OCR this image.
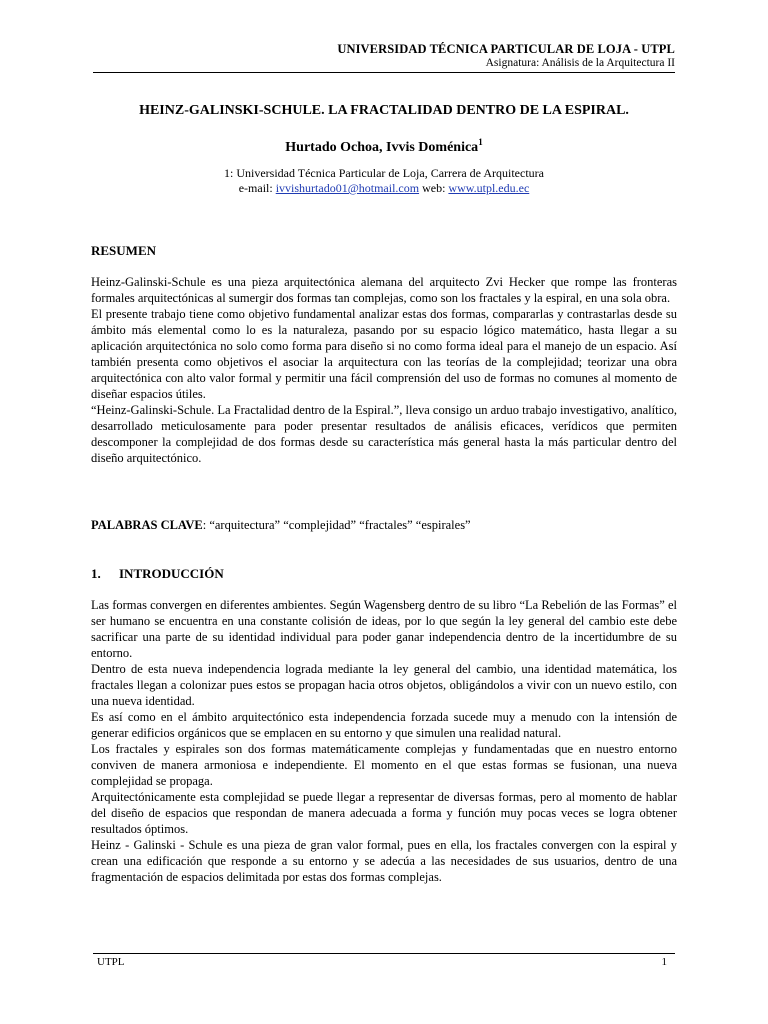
UNIVERSIDAD TÉCNICA PARTICULAR DE LOJA - UTPL
Asignatura: Análisis de la Arquitectura II
HEINZ-GALINSKI-SCHULE. LA FRACTALIDAD DENTRO DE LA ESPIRAL.
Hurtado Ochoa, Ivvis Doménica$^1$
1: Universidad Técnica Particular de Loja, Carrera de Arquitectura
e-mail: ivvishurtado01@hotmail.com web: www.utpl.edu.ec
RESUMEN

Heinz-Galinski-Schule es una pieza arquitectónica alemana del arquitecto Zvi Hecker que rompe las fronteras formales arquitectónicas al sumergir dos formas tan complejas, como son los fractales y la espiral, en una sola obra.

El presente trabajo tiene como objetivo fundamental analizar estas dos formas, compararlas y contrastarlas desde su ámbito más elemental como lo es la naturaleza, pasando por su espacio lógico matemático, hasta llegar a su aplicación arquitectónica no solo como forma para diseño si no como forma ideal para el manejo de un espacio. Así también presenta como objetivos el asociar la arquitectura con las teorías de la complejidad; teorizar una obra arquitectónica con alto valor formal y permitir una fácil comprensión del uso de formas no comunes al momento de diseñar espacios útiles.

“Heinz-Galinski-Schule. La Fractalidad dentro de la Espiral.”, lleva consigo un arduo trabajo investigativo, analítico, desarrollado meticulosamente para poder presentar resultados de análisis eficaces, verídicos que permiten descomponer la complejidad de dos formas desde su característica más general hasta la más particular dentro del diseño arquitectónico.

PALABRAS CLAVE: “arquitectura” “complejidad” “fractales” “espirales”
1. INTRODUCCIÓN

Las formas convergen en diferentes ambientes. Según Wagensberg dentro de su libro “La Rebelión de las Formas” el ser humano se encuentra en una constante colisión de ideas, por lo que según la ley general del cambio este debe sacrificar una parte de su identidad individual para poder ganar independencia dentro de la incertidumbre de su entorno.

Dentro de esta nueva independencia lograda mediante la ley general del cambio, una identidad matemática, los fractales llegan a colonizar pues estos se propagan hacia otros objetos, obligándolos a vivir con un nuevo estilo, con una nueva identidad.

Es así como en el ámbito arquitectónico esta independencia forzada sucede muy a menudo con la intensión de generar edificios orgánicos que se emplacen en su entorno y que simulen una realidad natural.

Los fractales y espirales son dos formas matemáticamente complejas y fundamentadas que en nuestro entorno conviven de manera armoniosa e independiente. El momento en el que estas formas se fusionan, una nueva complejidad se propaga.

Arquitectónicamente esta complejidad se puede llegar a representar de diversas formas, pero al momento de hablar del diseño de espacios que respondan de manera adecuada a forma y función muy pocas veces se logra obtener resultados óptimos.

Heinz - Galinski - Schule es una pieza de gran valor formal, pues en ella, los fractales convergen con la espiral y crean una edificación que responde a su entorno y se adecúa a las necesidades de sus usuarios, dentro de una fragmentación de espacios delimitada por estas dos formas complejas.

UTPL	1
